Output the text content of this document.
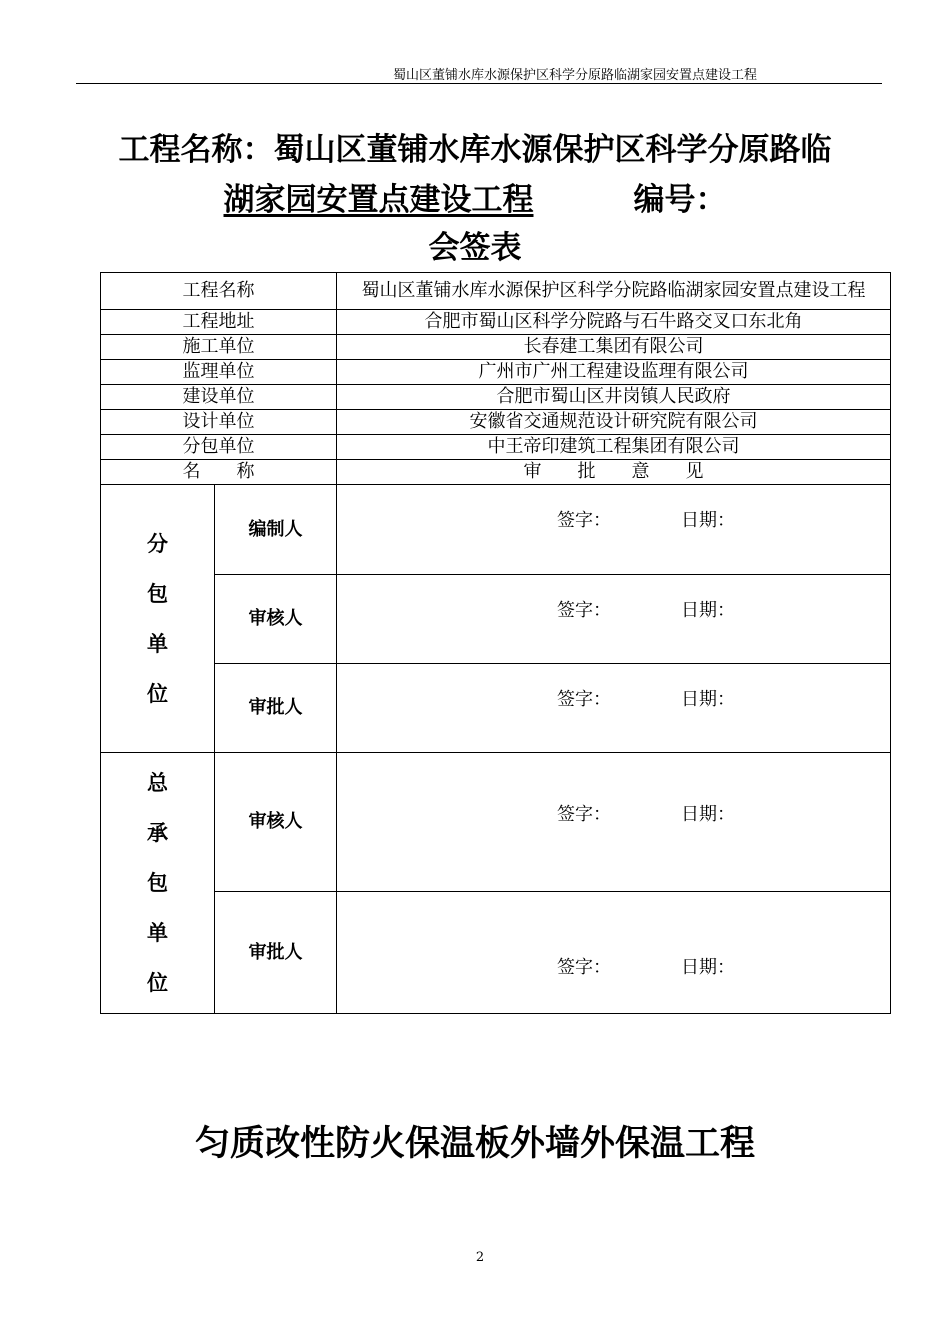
蜀山区董铺水库水源保护区科学分原路临湖家园安置点建设工程
工程名称：蜀山区董铺水库水源保护区科学分原路临
湖家园安置点建设工程	编号：
会签表
工程名称		蜀山区董铺水库水源保护区科学分院路临湖家园安置点建设工程
工程地址		合肥市蜀山区科学分院路与石牛路交叉口东北角
施工单位		长春建工集团有限公司
监理单位		广州市广州工程建设监理有限公司
建设单位		合肥市蜀山区井岗镇人民政府
设计单位		安徽省交通规范设计研究院有限公司
分包单位		中王帝印建筑工程集团有限公司
名　　称		审　　批　　意　　见

分
包
单
位	编制人	签字： 日期：

	审核人	签字： 日期：

	审批人	签字： 日期：

总
承
包
单
位	审核人	签字： 日期：

	审批人	签字： 日期：
匀质改性防火保温板外墙外保温工程
2
